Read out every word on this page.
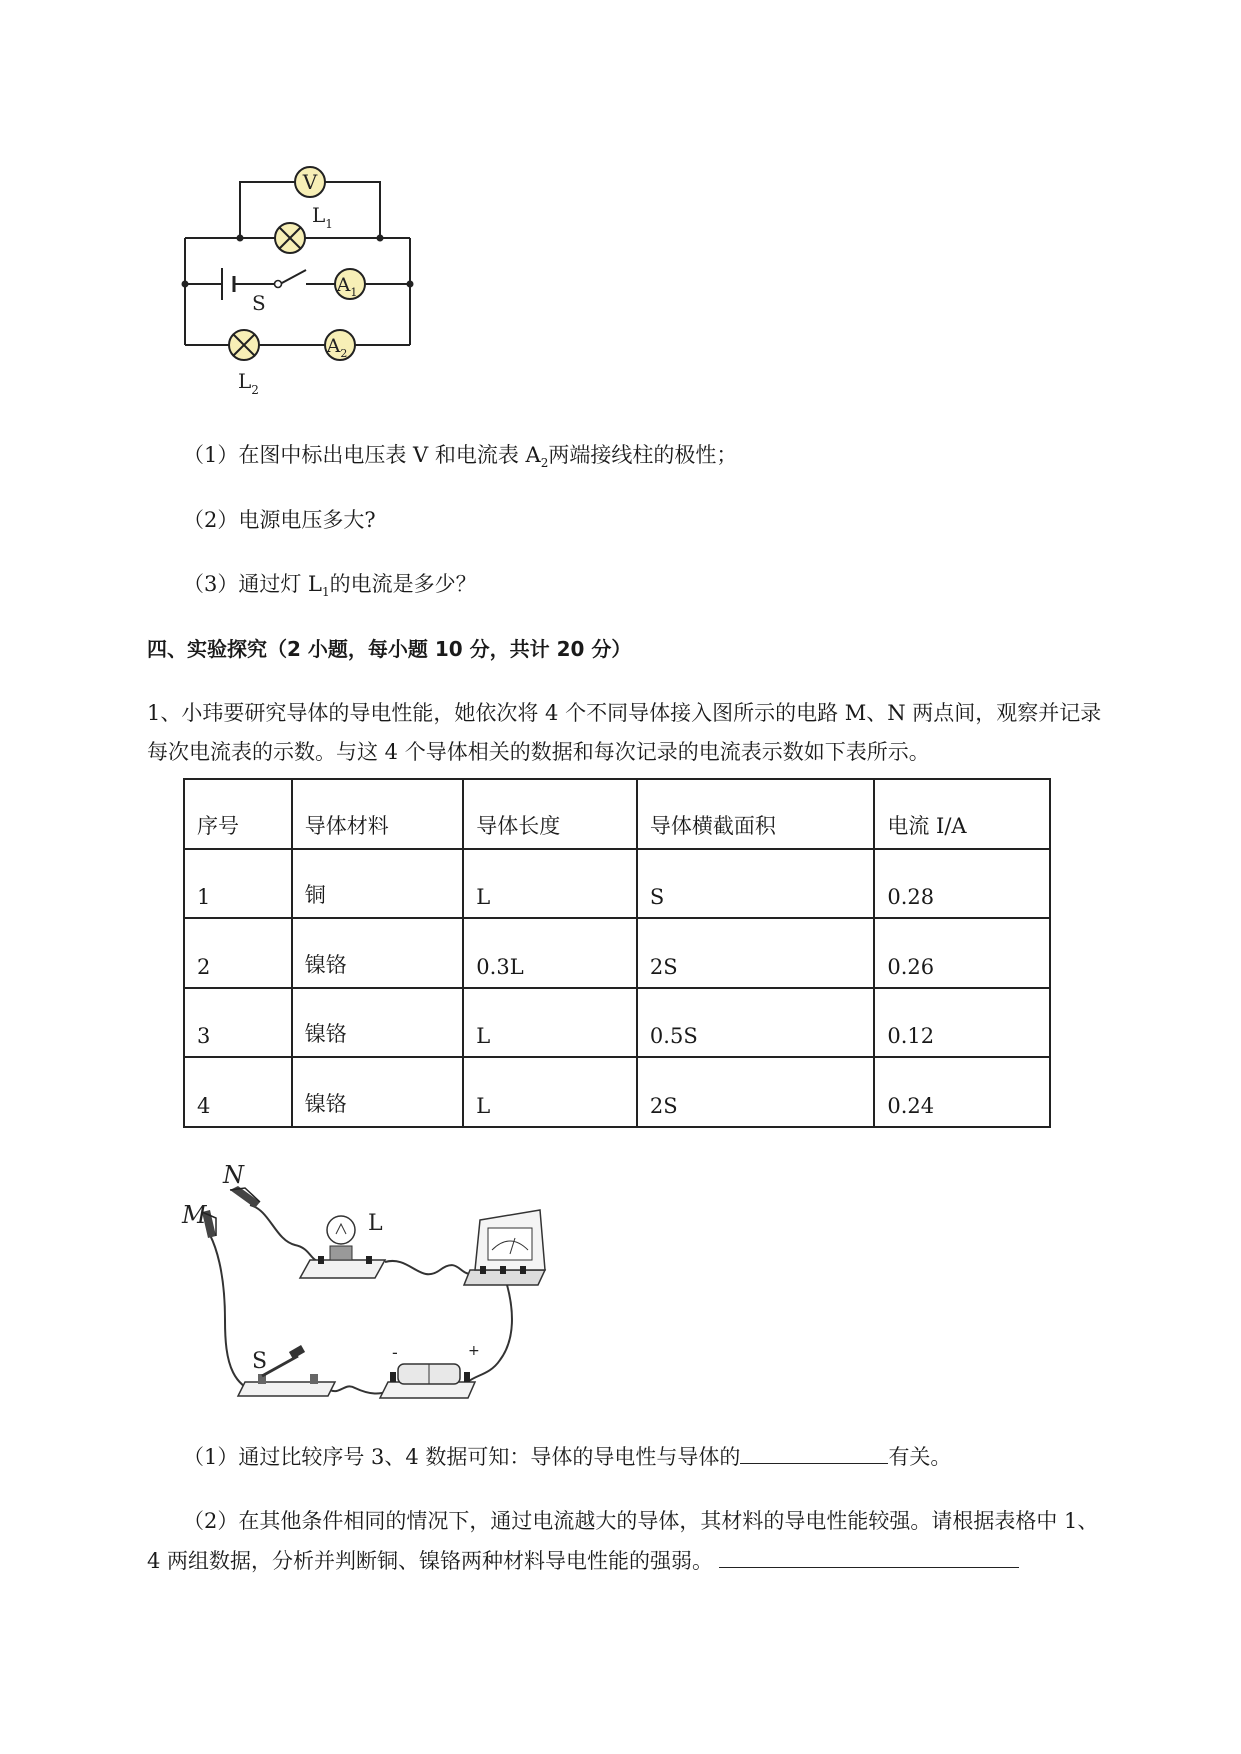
V
$L_1$
S
$A_1$
$A_2$
$L_2$
（1）在图中标出电压表 V 和电流表 $A_2$两端接线柱的极性；
（2）电源电压多大?
（3）通过灯 $L_1$的电流是多少？
四、实验探究（2 小题，每小题 10 分，共计 20 分）
1、小玮要研究导体的导电性能，她依次将 4 个不同导体接入图所示的电路 M、N 两点间，观察并记录
每次电流表的示数。与这 4 个导体相关的数据和每次记录的电流表示数如下表所示。
序号	导体材料	导体长度	导体横截面积	电流 I/A
1	铜	L	S	0.28
2	镍铬	0.3L	2S	0.26
3	镍铬	L	0.5S	0.12
4	镍铬	L	2S	0.24
N
M	L
S	-	+
（1）通过比较序号 3、4 数据可知：导体的导电性与导体的	有关。
（2）在其他条件相同的情况下，通过电流越大的导体，其材料的导电性能较强。请根据表格中 1、
4 两组数据，分析并判断铜、镍铬两种材料导电性能的强弱。
